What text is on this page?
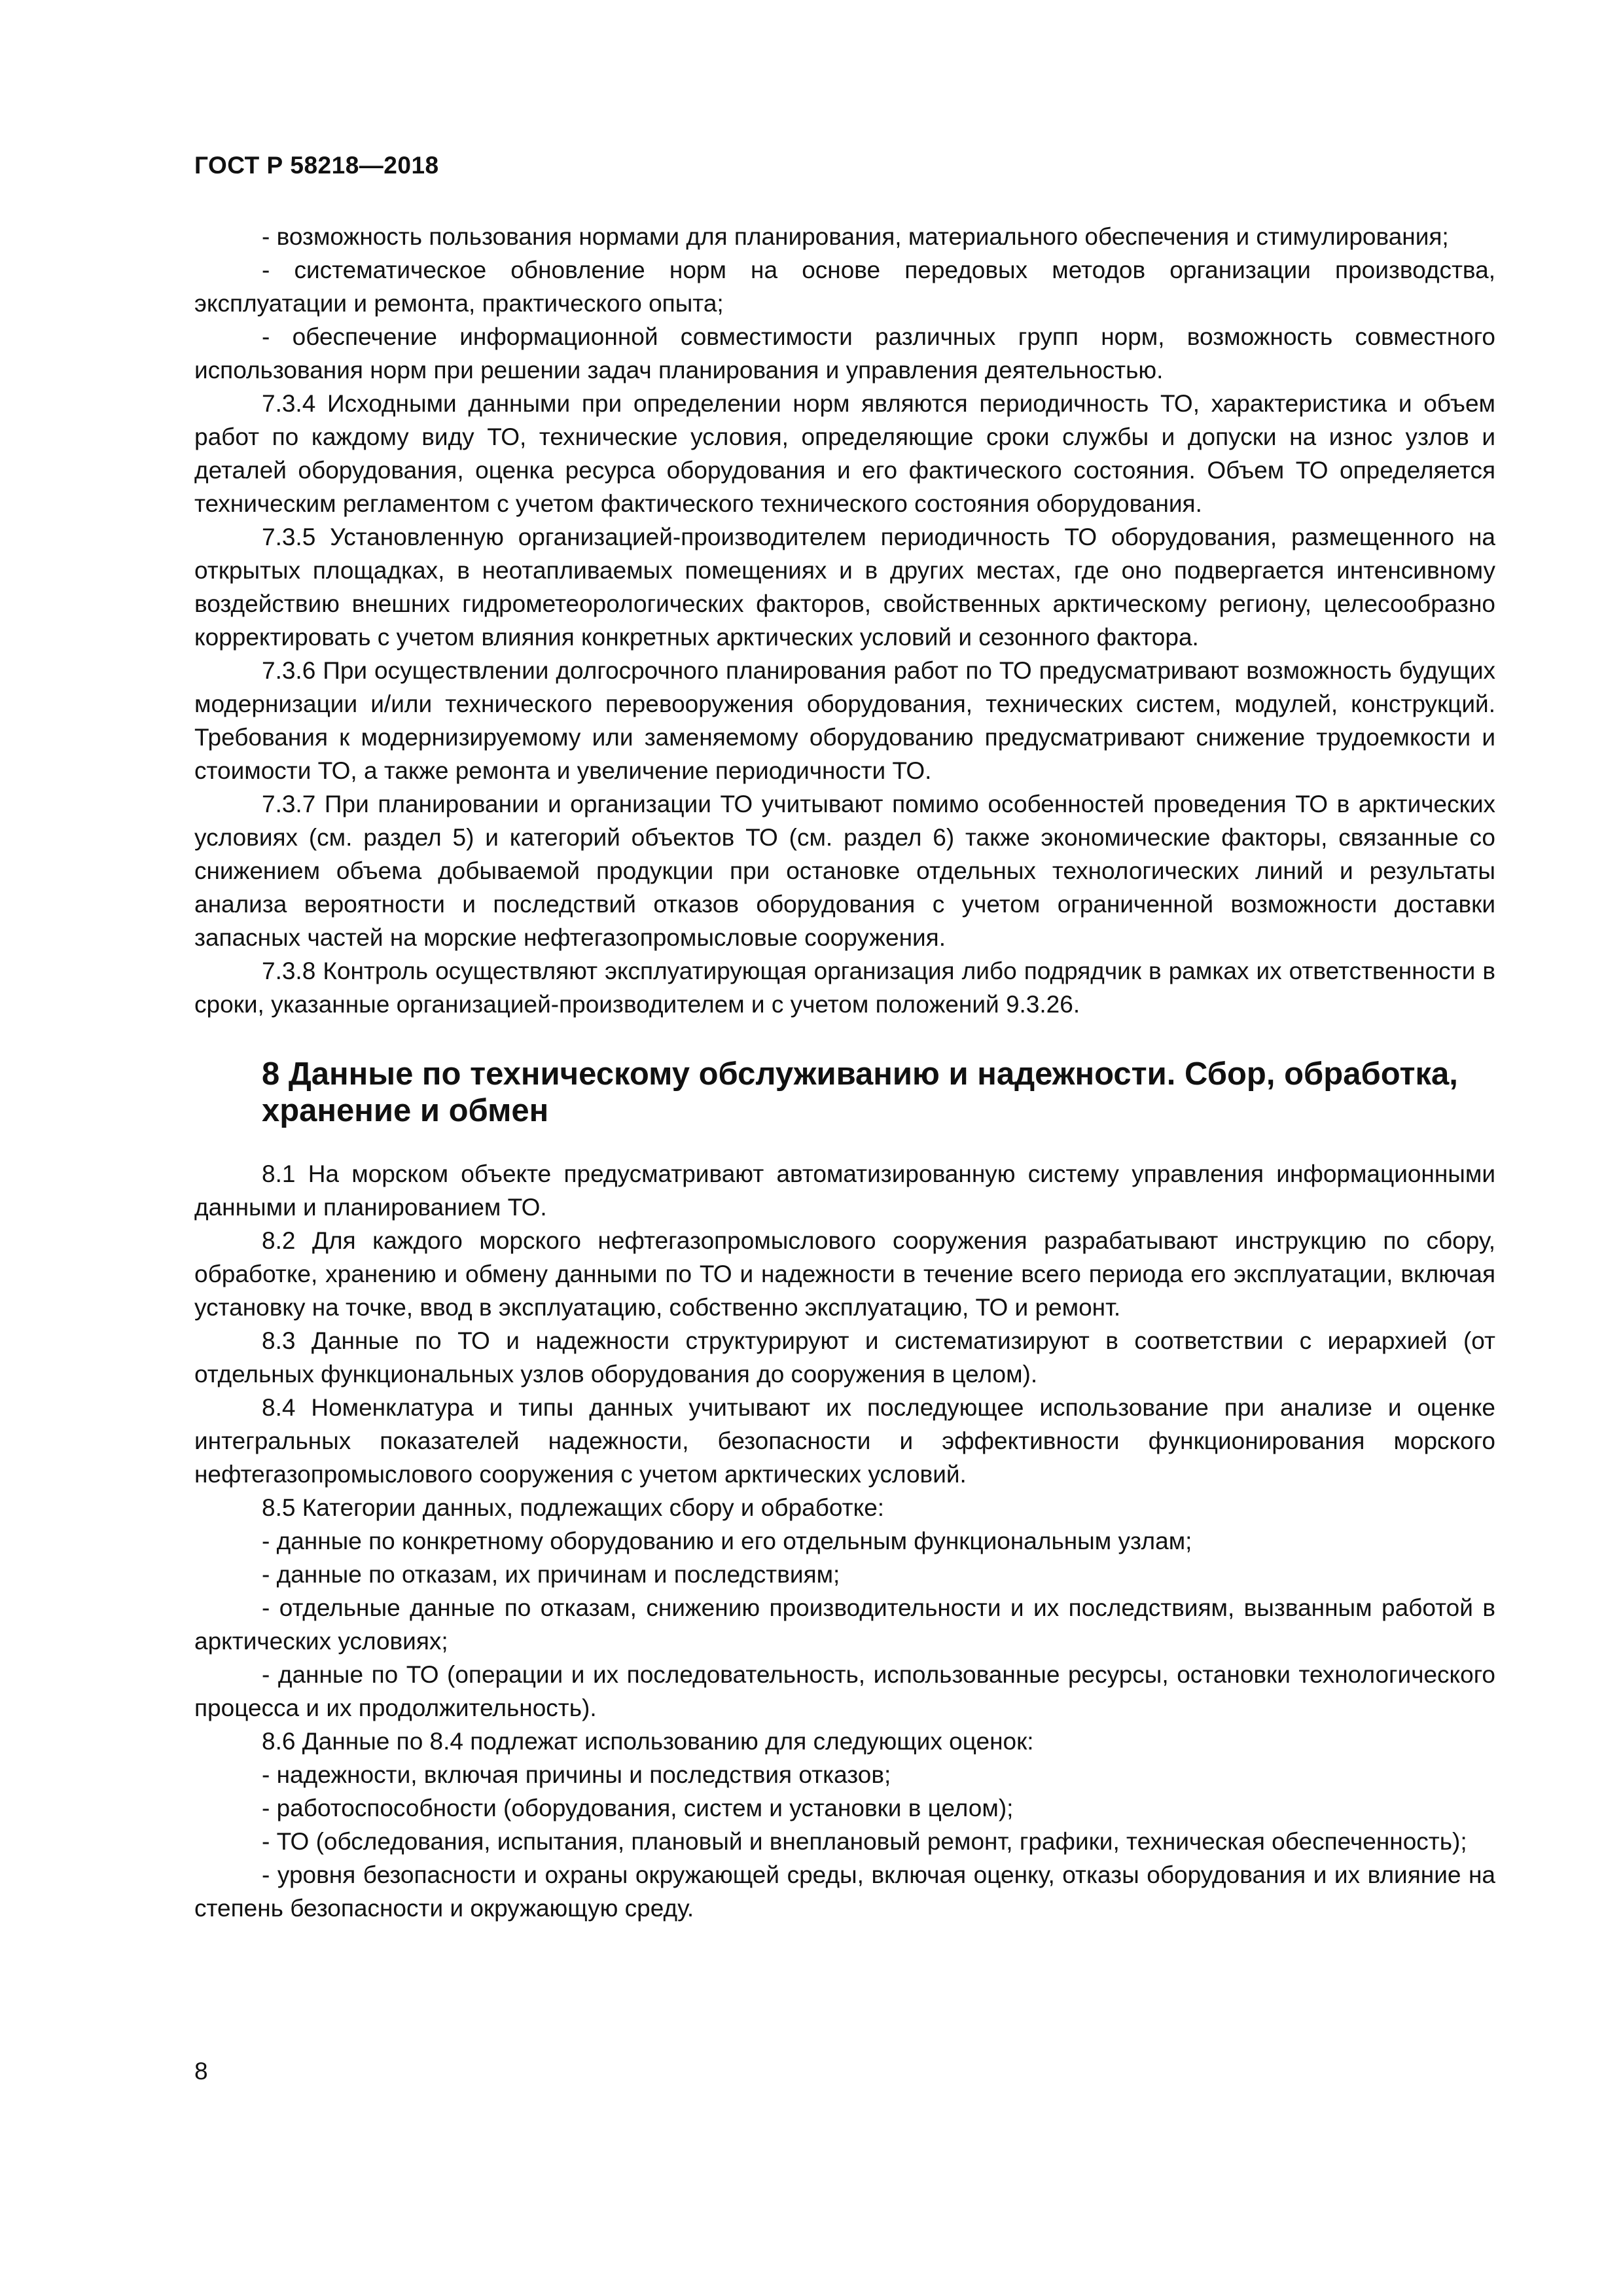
ГОСТ Р 58218—2018

- возможность пользования нормами для планирования, материального обеспечения и стимулирования;

- систематическое обновление норм на основе передовых методов организации производства, эксплуатации и ремонта, практического опыта;

- обеспечение информационной совместимости различных групп норм, возможность совместного использования норм при решении задач планирования и управления деятельностью.

7.3.4 Исходными данными при определении норм являются периодичность ТО, характеристика и объем работ по каждому виду ТО, технические условия, определяющие сроки службы и допуски на износ узлов и деталей оборудования, оценка ресурса оборудования и его фактического состояния. Объем ТО определяется техническим регламентом с учетом фактического технического состояния оборудования.

7.3.5 Установленную организацией-производителем периодичность ТО оборудования, размещенного на открытых площадках, в неотапливаемых помещениях и в других местах, где оно подвергается интенсивному воздействию внешних гидрометеорологических факторов, свойственных арктическому региону, целесообразно корректировать с учетом влияния конкретных арктических условий и сезонного фактора.

7.3.6 При осуществлении долгосрочного планирования работ по ТО предусматривают возможность будущих модернизации и/или технического перевооружения оборудования, технических систем, модулей, конструкций. Требования к модернизируемому или заменяемому оборудованию предусматривают снижение трудоемкости и стоимости ТО, а также ремонта и увеличение периодичности ТО.

7.3.7 При планировании и организации ТО учитывают помимо особенностей проведения ТО в арктических условиях (см. раздел 5) и категорий объектов ТО (см. раздел 6) также экономические факторы, связанные со снижением объема добываемой продукции при остановке отдельных технологических линий и результаты анализа вероятности и последствий отказов оборудования с учетом ограниченной возможности доставки запасных частей на морские нефтегазопромысловые сооружения.

7.3.8 Контроль осуществляют эксплуатирующая организация либо подрядчик в рамках их ответственности в сроки, указанные организацией-производителем и с учетом положений 9.3.26.

8 Данные по техническому обслуживанию и надежности. Сбор, обработка, хранение и обмен

8.1 На морском объекте предусматривают автоматизированную систему управления информационными данными и планированием ТО.

8.2 Для каждого морского нефтегазопромыслового сооружения разрабатывают инструкцию по сбору, обработке, хранению и обмену данными по ТО и надежности в течение всего периода его эксплуатации, включая установку на точке, ввод в эксплуатацию, собственно эксплуатацию, ТО и ремонт.

8.3 Данные по ТО и надежности структурируют и систематизируют в соответствии с иерархией (от отдельных функциональных узлов оборудования до сооружения в целом).

8.4 Номенклатура и типы данных учитывают их последующее использование при анализе и оценке интегральных показателей надежности, безопасности и эффективности функционирования морского нефтегазопромыслового сооружения с учетом арктических условий.

8.5 Категории данных, подлежащих сбору и обработке:

- данные по конкретному оборудованию и его отдельным функциональным узлам;

- данные по отказам, их причинам и последствиям;

- отдельные данные по отказам, снижению производительности и их последствиям, вызванным работой в арктических условиях;

- данные по ТО (операции и их последовательность, использованные ресурсы, остановки технологического процесса и их продолжительность).

8.6 Данные по 8.4 подлежат использованию для следующих оценок:

- надежности, включая причины и последствия отказов;

- работоспособности (оборудования, систем и установки в целом);

- ТО (обследования, испытания, плановый и внеплановый ремонт, графики, техническая обеспеченность);

- уровня безопасности и охраны окружающей среды, включая оценку, отказы оборудования и их влияние на степень безопасности и окружающую среду.

8
